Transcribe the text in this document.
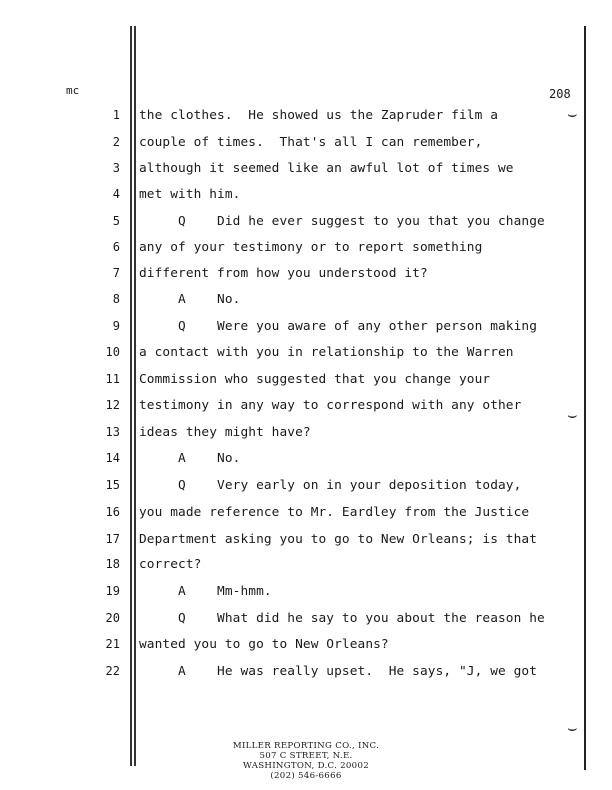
mc	208
⌣
⌣
⌣
1 the clothes.  He showed us the Zapruder film a
2 couple of times.  That's all I can remember,
3 although it seemed like an awful lot of times we
4 met with him.
5 Q    Did he ever suggest to you that you change
6 any of your testimony or to report something
7 different from how you understood it?
8 A    No.
9 Q    Were you aware of any other person making
10 a contact with you in relationship to the Warren
11 Commission who suggested that you change your
12 testimony in any way to correspond with any other
13 ideas they might have?
14 A    No.
15 Q    Very early on in your deposition today,
16 you made reference to Mr. Eardley from the Justice
17 Department asking you to go to New Orleans; is that
18 correct?
19 A    Mm-hmm.
20 Q    What did he say to you about the reason he
21 wanted you to go to New Orleans?
22 A    He was really upset.  He says, "J, we got
MILLER REPORTING CO., INC.
507 C STREET, N.E.
WASHINGTON, D.C. 20002
(202) 546-6666
